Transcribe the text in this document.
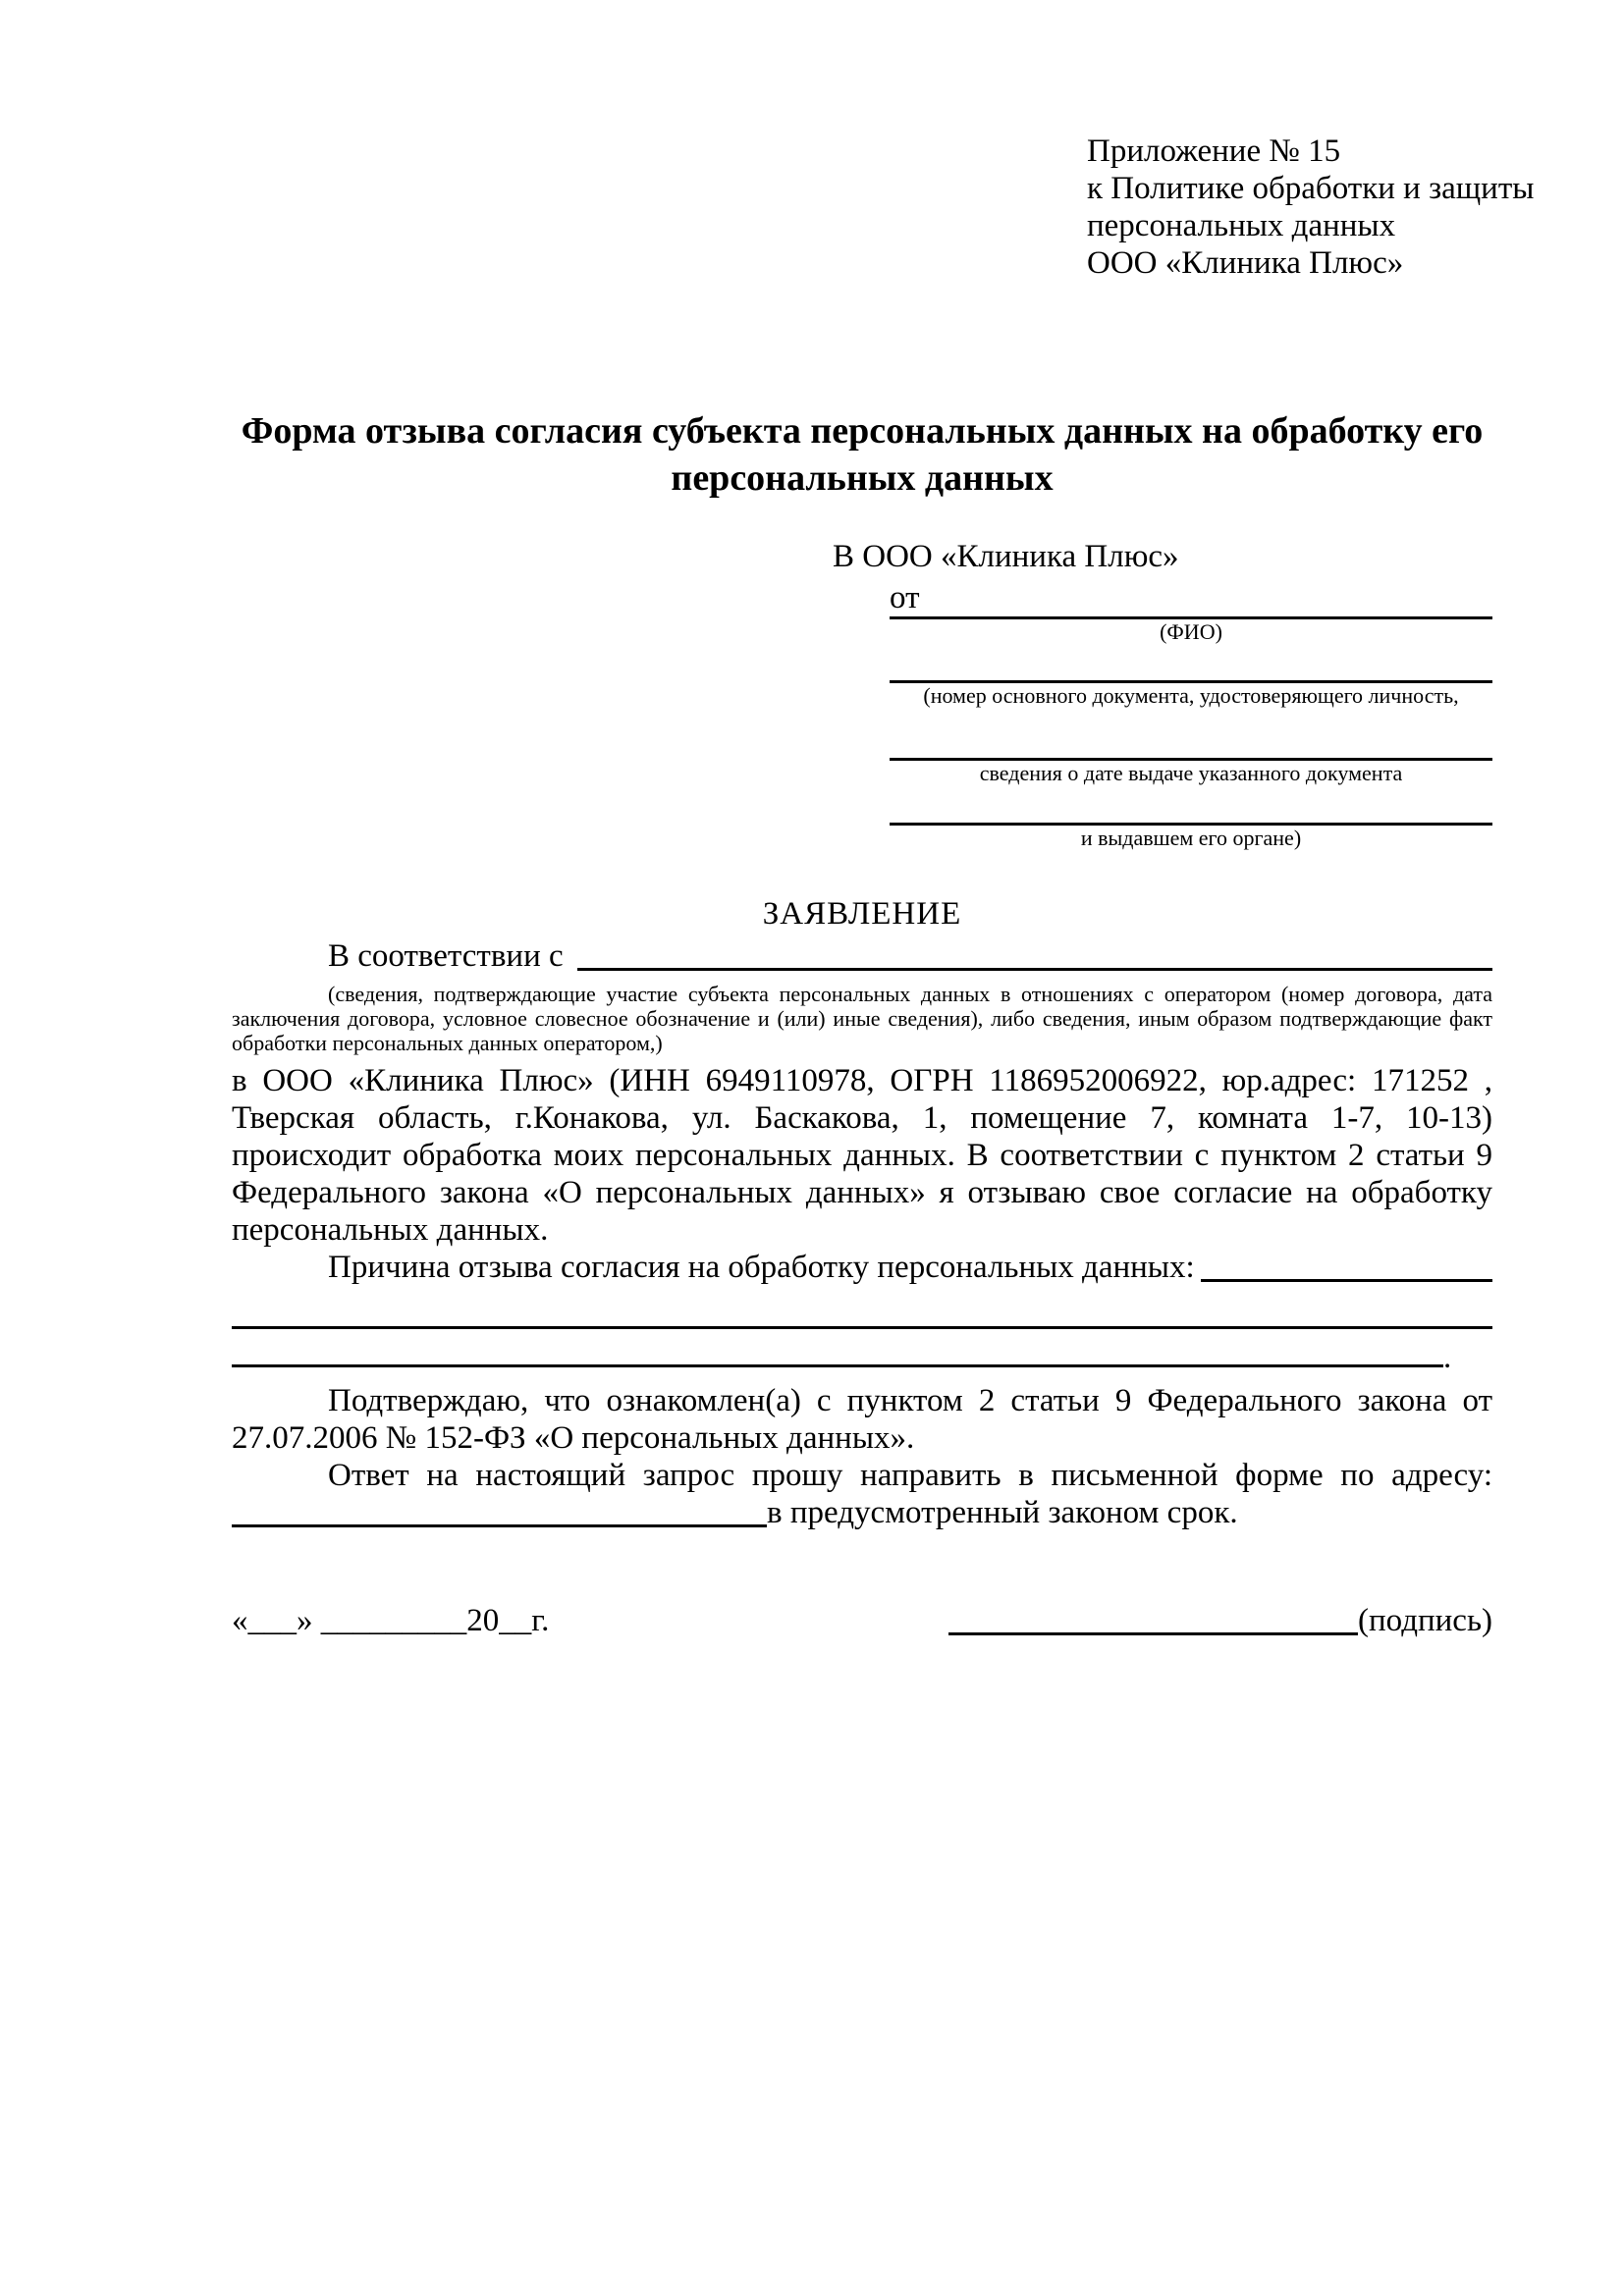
Приложение № 15
к Политике обработки и защиты
персональных данных
ООО «Клиника Плюс»
Форма отзыва согласия субъекта персональных данных на обработку его персональных данных
В ООО «Клиника Плюс»
от
(ФИО)
(номер основного документа, удостоверяющего личность,
сведения о дате выдаче указанного документа
и выдавшем его органе)
ЗАЯВЛЕНИЕ
В соответствии с
(сведения, подтверждающие участие субъекта персональных данных в отношениях с оператором (номер договора, дата заключения договора, условное словесное обозначение и (или) иные сведения), либо сведения, иным образом подтверждающие факт обработки персональных данных оператором,)

в ООО «Клиника Плюс» (ИНН 6949110978, ОГРН 1186952006922, юр.адрес: 171252 , Тверская область, г.Конакова, ул. Баскакова, 1, помещение 7, комната 1-7, 10-13) происходит обработка моих персональных данных. В соответствии с пунктом 2 статьи 9 Федерального закона «О персональных данных» я отзываю свое согласие на обработку персональных данных.

Причина отзыва согласия на обработку персональных данных:
.

Подтверждаю, что ознакомлен(а) с пунктом 2 статьи 9 Федерального закона от 27.07.2006 № 152-ФЗ «О персональных данных».

Ответ на настоящий запрос прошу направить в письменной форме по адресу:
в предусмотренный законом срок.
«___» _________20__г.	(подпись)
